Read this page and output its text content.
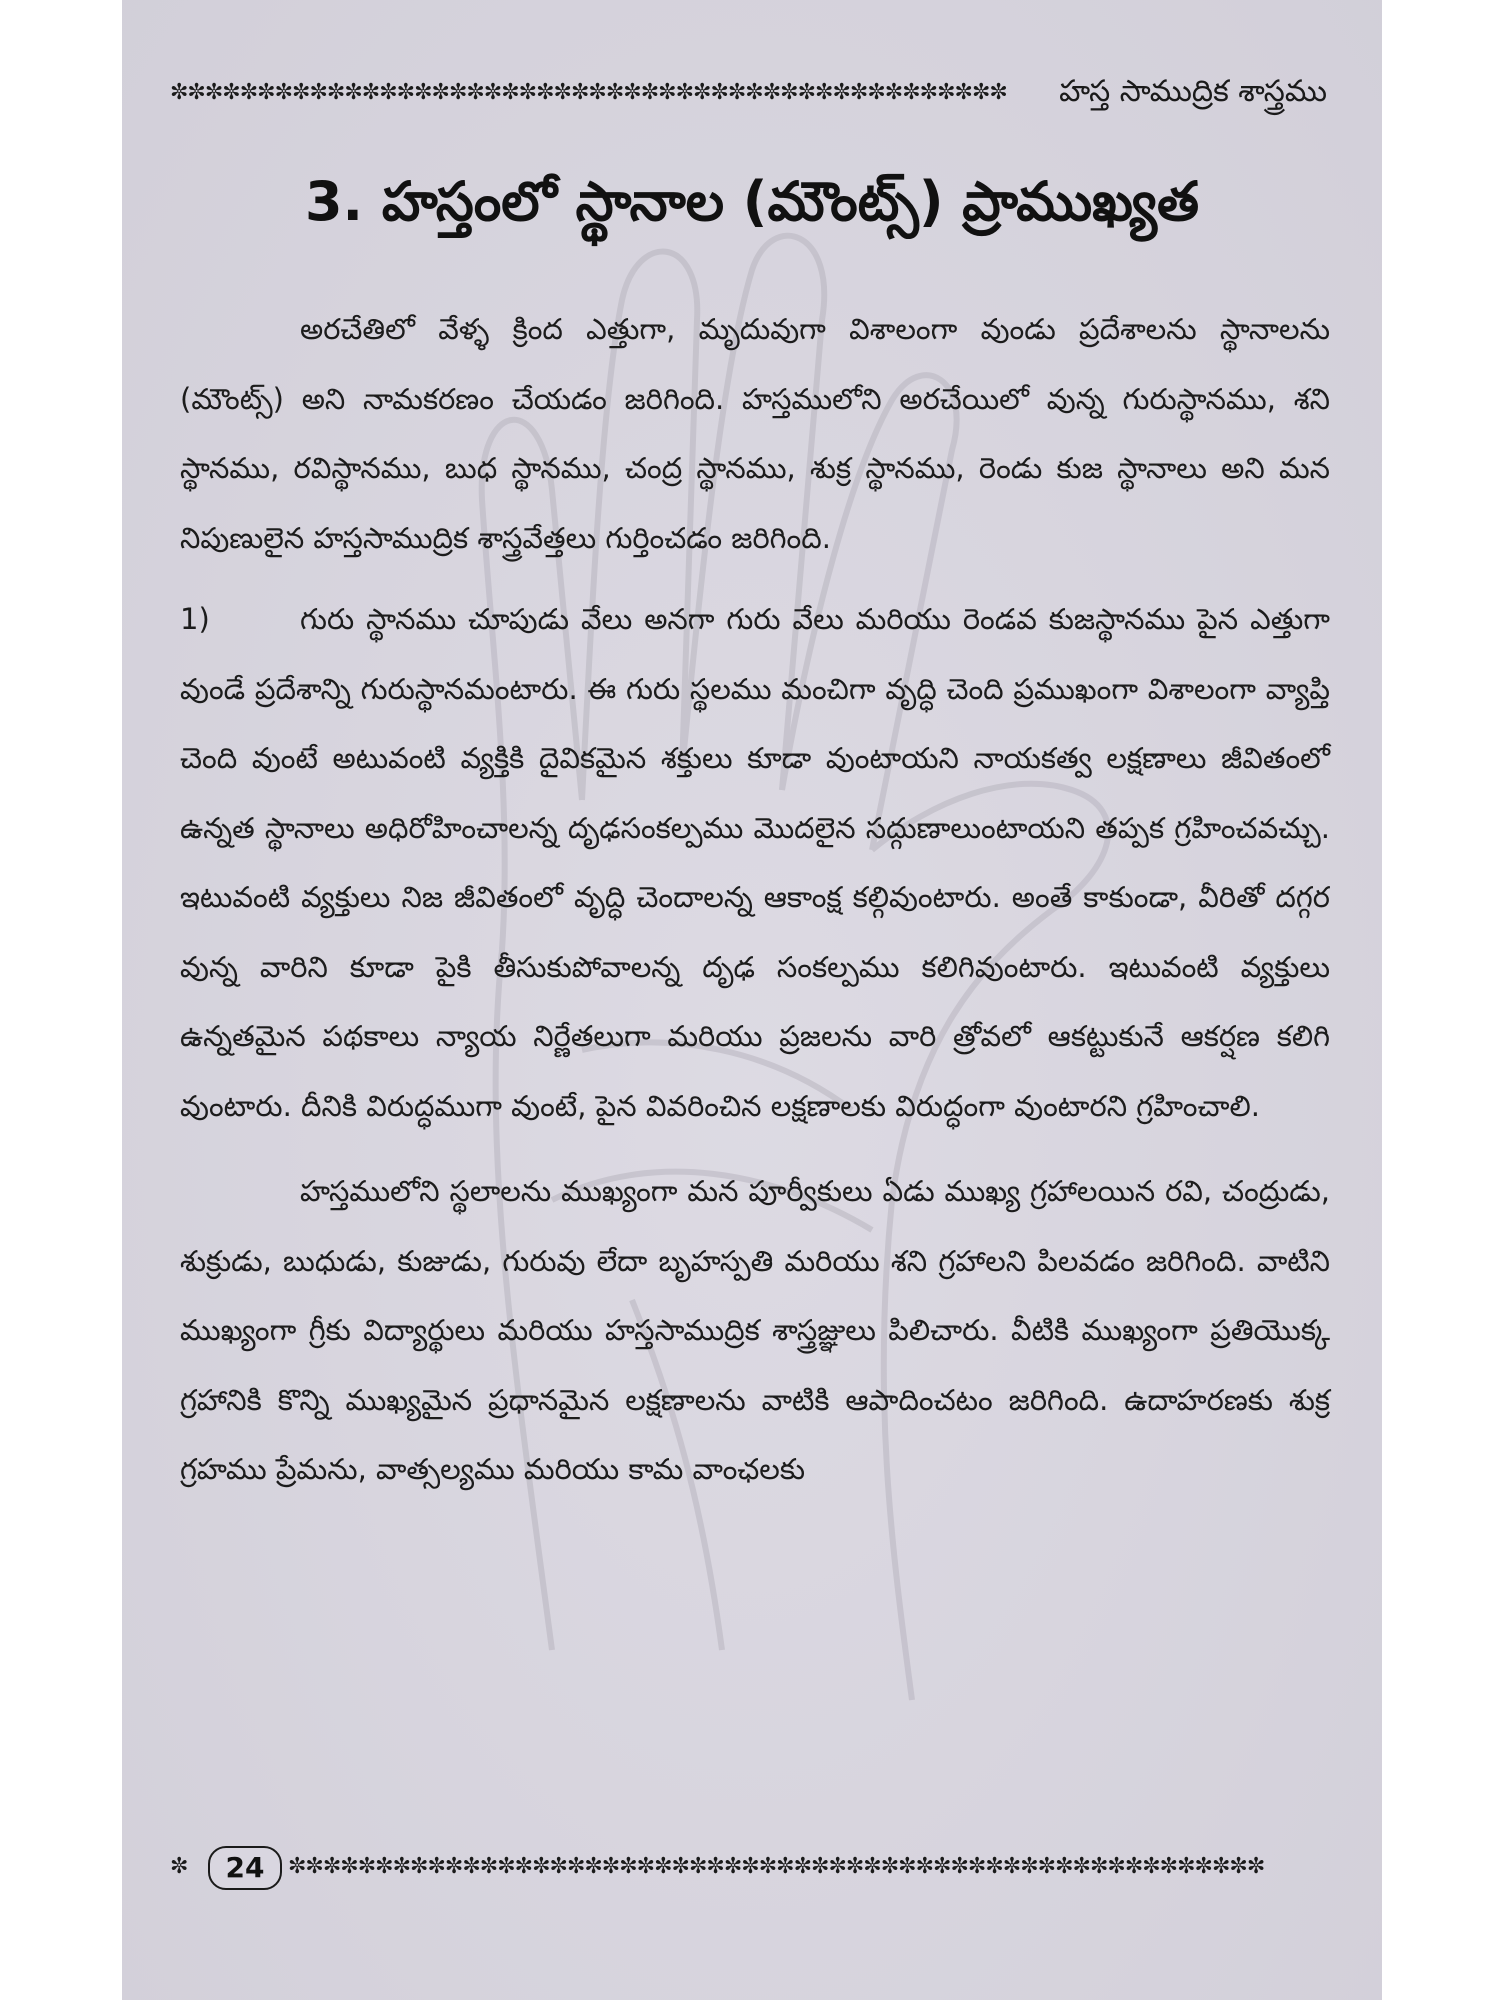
✼✼✼✼✼✼✼✼✼✼✼✼✼✼✼✼✼✼✼✼✼✼✼✼✼✼✼✼✼✼✼✼✼✼✼✼✼✼✼✼✼✼✼✼✼✼✼✼	హస్త సాముద్రిక శాస్త్రము
3. హస్తంలో స్థానాల (మౌంట్స్) ప్రాముఖ్యత

అరచేతిలో వేళ్ళ క్రింద ఎత్తుగా, మృదువుగా విశాలంగా వుండు ప్రదేశాలను స్థానాలను (మౌంట్స్) అని నామకరణం చేయడం జరిగింది. హస్తములోని అరచేయిలో వున్న గురుస్థానము, శని స్థానము, రవిస్థానము, బుధ స్థానము, చంద్ర స్థానము, శుక్ర స్థానము, రెండు కుజ స్థానాలు అని మన నిపుణులైన హస్తసాముద్రిక శాస్త్రవేత్తలు గుర్తించడం జరిగింది.

1)	గురు స్థానము చూపుడు వేలు అనగా గురు వేలు మరియు రెండవ కుజస్థానము పైన ఎత్తుగా వుండే ప్రదేశాన్ని గురుస్థానమంటారు. ఈ గురు స్థలము మంచిగా వృద్ధి చెంది ప్రముఖంగా విశాలంగా వ్యాప్తి చెంది వుంటే అటువంటి వ్యక్తికి దైవికమైన శక్తులు కూడా వుంటాయని నాయకత్వ లక్షణాలు జీవితంలో ఉన్నత స్థానాలు అధిరోహించాలన్న దృఢసంకల్పము మొదలైన సద్గుణాలుంటాయని తప్పక గ్రహించవచ్చు. ఇటువంటి వ్యక్తులు నిజ జీవితంలో వృద్ధి చెందాలన్న ఆకాంక్ష కల్గివుంటారు. అంతే కాకుండా, వీరితో దగ్గర వున్న వారిని కూడా పైకి తీసుకుపోవాలన్న దృఢ సంకల్పము కలిగివుంటారు. ఇటువంటి వ్యక్తులు ఉన్నతమైన పథకాలు న్యాయ నిర్ణేతలుగా మరియు ప్రజలను వారి త్రోవలో ఆకట్టుకునే ఆకర్షణ కలిగి వుంటారు. దీనికి విరుద్ధముగా వుంటే, పైన వివరించిన లక్షణాలకు విరుద్ధంగా వుంటారని గ్రహించాలి.

హస్తములోని స్థలాలను ముఖ్యంగా మన పూర్వీకులు ఏడు ముఖ్య గ్రహాలయిన రవి, చంద్రుడు, శుక్రుడు, బుధుడు, కుజుడు, గురువు లేదా బృహస్పతి మరియు శని గ్రహాలని పిలవడం జరిగింది. వాటిని ముఖ్యంగా గ్రీకు విద్యార్థులు మరియు హస్తసాముద్రిక శాస్త్రజ్ఞులు పిలిచారు. వీటికి ముఖ్యంగా ప్రతియొక్క గ్రహానికి కొన్ని ముఖ్యమైన ప్రధానమైన లక్షణాలను వాటికి ఆపాదించటం జరిగింది. ఉదాహరణకు శుక్ర గ్రహము ప్రేమను, వాత్సల్యము మరియు కామ వాంఛలకు

✼	24	✼✼✼✼✼✼✼✼✼✼✼✼✼✼✼✼✼✼✼✼✼✼✼✼✼✼✼✼✼✼✼✼✼✼✼✼✼✼✼✼✼✼✼✼✼✼✼✼✼✼✼✼✼✼✼✼
